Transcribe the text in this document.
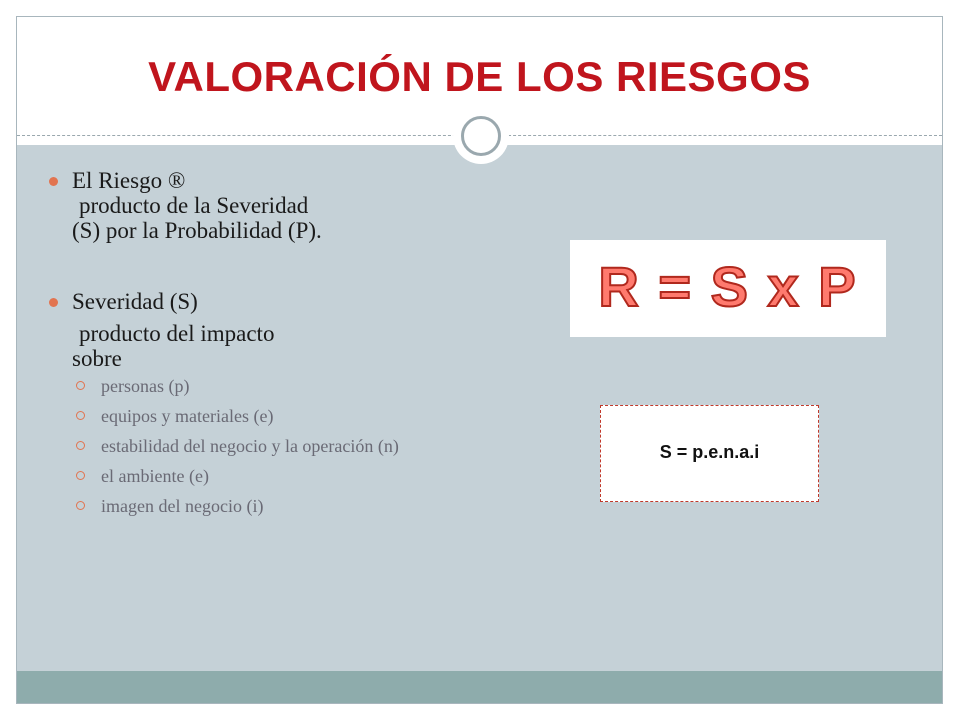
VALORACIÓN DE LOS RIESGOS
El Riesgo ®
producto de la Severidad
(S) por la Probabilidad (P).
Severidad (S)
producto del impacto
sobre
personas (p)
equipos y materiales (e)
estabilidad del negocio y la operación (n)
el ambiente (e)
imagen del negocio (i)
R = S x P
S = p.e.n.a.i
